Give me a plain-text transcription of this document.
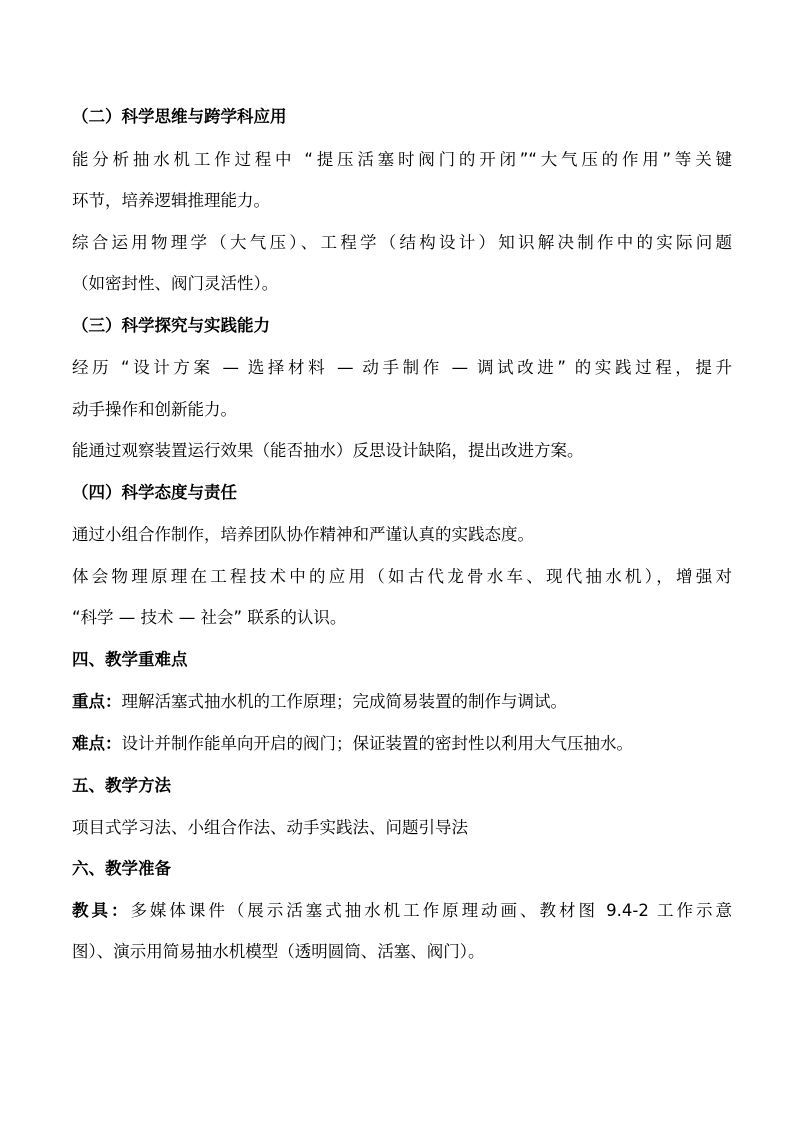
（二）科学思维与跨学科应用
能分析抽水机工作过程中 “提压活塞时阀门的开闭”“大气压的作用”等关键
环节，培养逻辑推理能力。
综合运用物理学（大气压）、工程学（结构设计）知识解决制作中的实际问题
（如密封性、阀门灵活性）。
（三）科学探究与实践能力
经历 “设计方案 — 选择材料 — 动手制作 — 调试改进” 的实践过程，提升
动手操作和创新能力。
能通过观察装置运行效果（能否抽水）反思设计缺陷，提出改进方案。
（四）科学态度与责任
通过小组合作制作，培养团队协作精神和严谨认真的实践态度。
体会物理原理在工程技术中的应用（如古代龙骨水车、现代抽水机），增强对
“科学 — 技术 — 社会” 联系的认识。
四、教学重难点
重点：理解活塞式抽水机的工作原理；完成简易装置的制作与调试。
难点：设计并制作能单向开启的阀门；保证装置的密封性以利用大气压抽水。
五、教学方法
项目式学习法、小组合作法、动手实践法、问题引导法
六、教学准备
教具：多媒体课件（展示活塞式抽水机工作原理动画、教材图 9.4-2 工作示意
图）、演示用简易抽水机模型（透明圆筒、活塞、阀门）。
